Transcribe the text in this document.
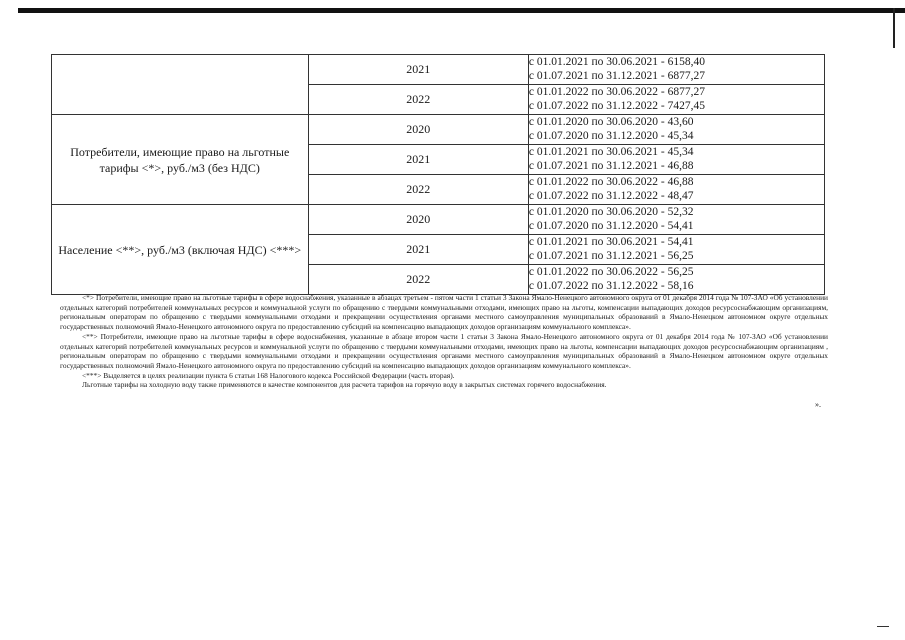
	2021	с 01.01.2021 по 30.06.2021 - 6158,40
с 01.07.2021 по 31.12.2021 - 6877,27

	2022	с 01.01.2022 по 30.06.2022 - 6877,27
с 01.07.2022 по 31.12.2022 - 7427,45

Потребители, имеющие право на льготные тарифы <*>, руб./м3 (без НДС)	2020	с 01.01.2020 по 30.06.2020 - 43,60
с 01.07.2020 по 31.12.2020 - 45,34

	2021	с 01.01.2021 по 30.06.2021 - 45,34
с 01.07.2021 по 31.12.2021 - 46,88

	2022	с 01.01.2022 по 30.06.2022 - 46,88
с 01.07.2022 по 31.12.2022 - 48,47

Население <**>, руб./м3 (включая НДС) <***>	2020	с 01.01.2020 по 30.06.2020 - 52,32
с 01.07.2020 по 31.12.2020 - 54,41

	2021	с 01.01.2021 по 30.06.2021 - 54,41
с 01.07.2021 по 31.12.2021 - 56,25

	2022	с 01.01.2022 по 30.06.2022 - 56,25
с 01.07.2022 по 31.12.2022 - 58,16

<*> Потребители, имеющие право на льготные тарифы в сфере водоснабжения, указанные в абзацах третьем - пятом части 1 статьи 3 Закона Ямало-Ненецкого автономного округа от 01 декабря 2014 года № 107-ЗАО «Об установлении отдельных категорий потребителей коммунальных ресурсов и коммунальной услуги по обращению с твердыми коммунальными отходами, имеющих право на льготы, компенсации выпадающих доходов ресурсоснабжающим организациям, региональным операторам по обращению с твердыми коммунальными отходами и прекращении осуществления органами местного самоуправления муниципальных образований в Ямало-Ненецком автономном округе отдельных государственных полномочий Ямало-Ненецкого автономного округа по предоставлению субсидий на компенсацию выпадающих доходов организациям коммунального комплекса».

<**> Потребители, имеющие право на льготные тарифы в сфере водоснабжения, указанные в абзаце втором части 1 статьи 3 Закона Ямало-Ненецкого автономного округа от 01 декабря 2014 года № 107-ЗАО «Об установлении отдельных категорий потребителей коммунальных ресурсов и коммунальной услуги по обращению с твердыми коммунальными отходами, имеющих право на льготы, компенсации выпадающих доходов ресурсоснабжающим организациям , региональным операторам по обращению с твердыми коммунальными отходами и прекращении осуществления органами местного самоуправления муниципальных образований в Ямало-Ненецком автономном округе отдельных государственных полномочий Ямало-Ненецкого автономного округа по предоставлению субсидий на компенсацию выпадающих доходов организациям коммунального комплекса».

<***> Выделяется в целях реализации пункта 6 статьи 168 Налогового кодекса Российской Федерации (часть вторая).

Льготные тарифы на холодную воду также применяются в качестве компонентов для расчета тарифов на горячую воду в закрытых системах горячего водоснабжения.

».
